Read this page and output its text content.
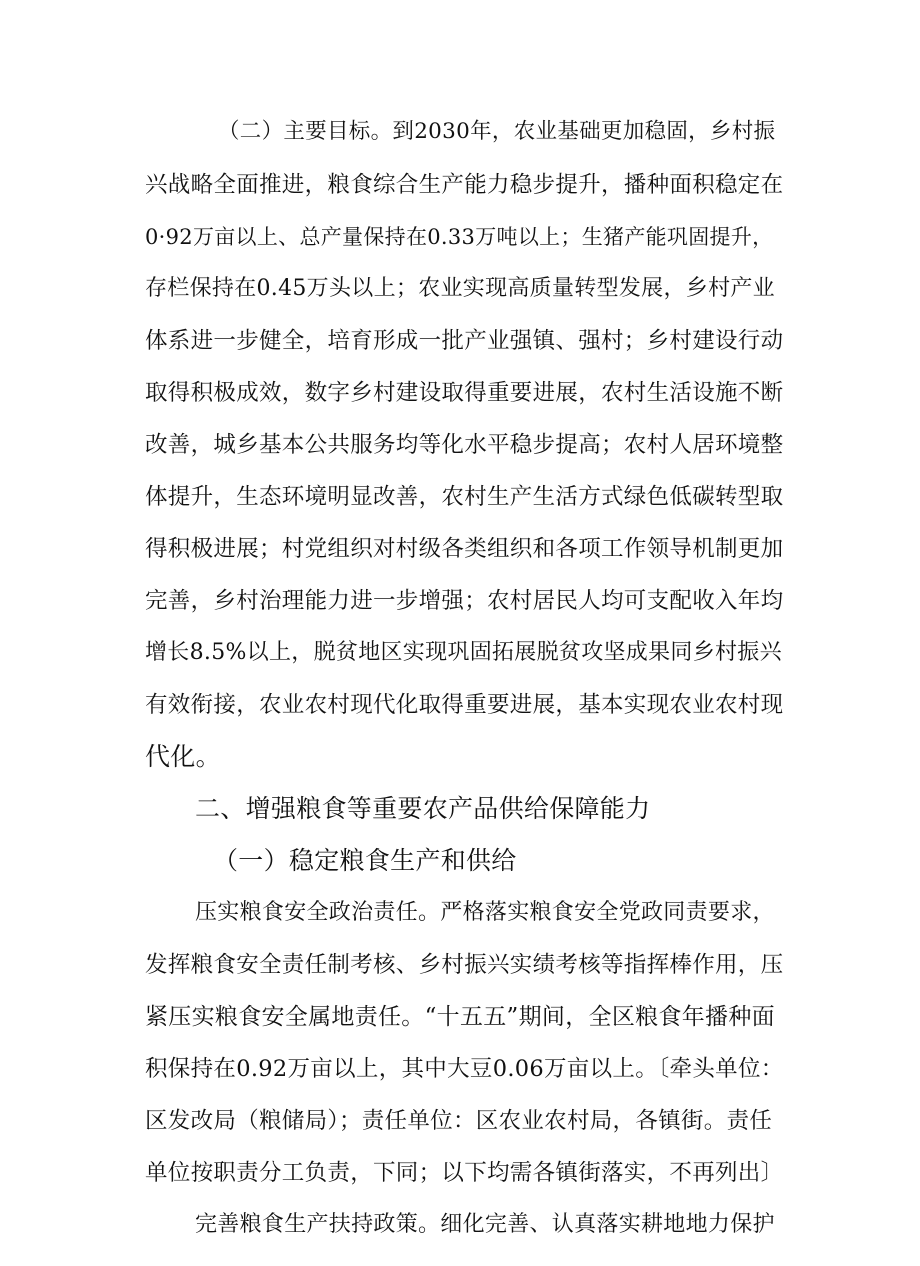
（二）主要目标。到2030年，农业基础更加稳固，乡村振
兴战略全面推进，粮食综合生产能力稳步提升，播种面积稳定在
0·92万亩以上、总产量保持在0.33万吨以上；生猪产能巩固提升，
存栏保持在0.45万头以上；农业实现高质量转型发展，乡村产业
体系进一步健全，培育形成一批产业强镇、强村；乡村建设行动
取得积极成效，数字乡村建设取得重要进展，农村生活设施不断
改善，城乡基本公共服务均等化水平稳步提高；农村人居环境整
体提升，生态环境明显改善，农村生产生活方式绿色低碳转型取
得积极进展；村党组织对村级各类组织和各项工作领导机制更加
完善，乡村治理能力进一步增强；农村居民人均可支配收入年均
增长8.5%以上，脱贫地区实现巩固拓展脱贫攻坚成果同乡村振兴
有效衔接，农业农村现代化取得重要进展，基本实现农业农村现
代化。
二、增强粮食等重要农产品供给保障能力
（一）稳定粮食生产和供给
压实粮食安全政治责任。严格落实粮食安全党政同责要求，
发挥粮食安全责任制考核、乡村振兴实绩考核等指挥棒作用，压
紧压实粮食安全属地责任。“十五五”期间，全区粮食年播种面
积保持在0.92万亩以上，其中大豆0.06万亩以上。〔牵头单位：
区发改局（粮储局）；责任单位：区农业农村局，各镇街。责任
单位按职责分工负责，下同；以下均需各镇街落实，不再列出〕
完善粮食生产扶持政策。细化完善、认真落实耕地地力保护
